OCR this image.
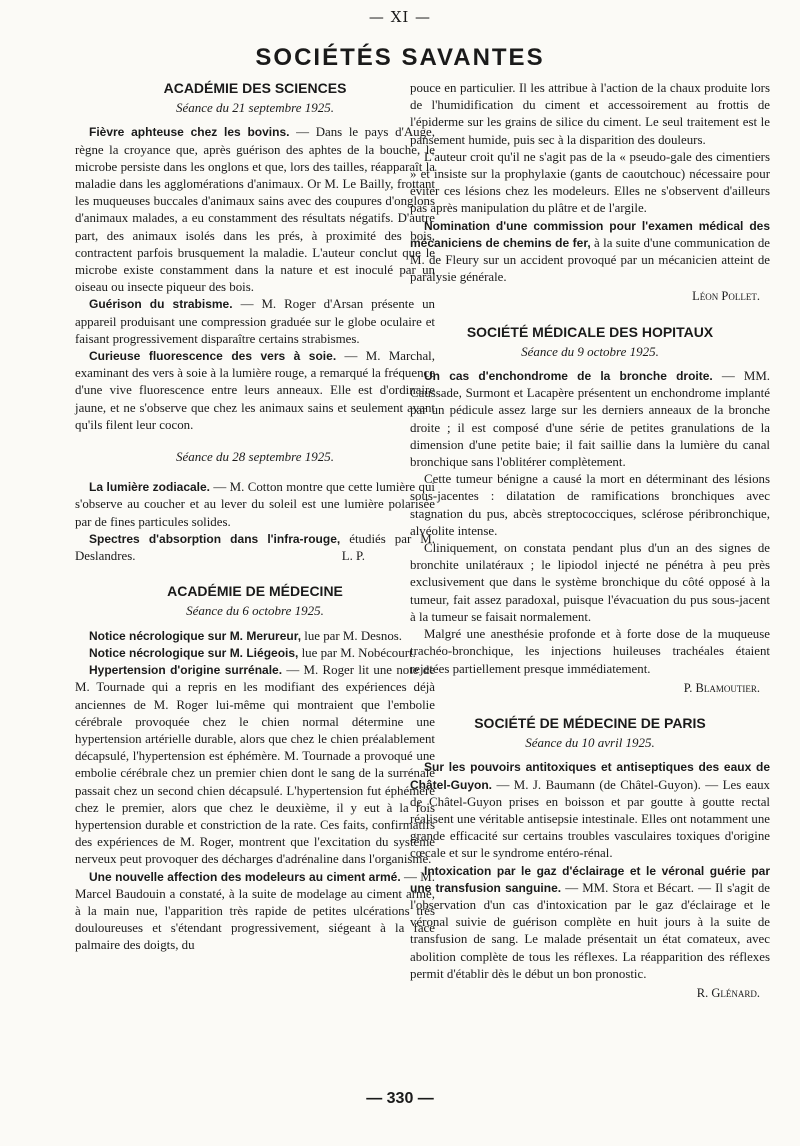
— XI —
SOCIÉTÉS SAVANTES
ACADÉMIE DES SCIENCES
Séance du 21 septembre 1925.

Fièvre aphteuse chez les bovins. — Dans le pays d'Auge, règne la croyance que, après guérison des aphtes de la bouche, le microbe persiste dans les onglons et que, lors des tailles, réapparaît la maladie dans les agglomérations d'animaux. Or M. Le Bailly, frottant les muqueuses buccales d'animaux sains avec des coupures d'onglons d'animaux malades, a eu constamment des résultats négatifs. D'autre part, des animaux isolés dans les prés, à proximité des bois, contractent parfois brusquement la maladie. L'auteur conclut que le microbe existe constamment dans la nature et est inoculé par un oiseau ou insecte piqueur des bois.

Guérison du strabisme. — M. Roger d'Arsan présente un appareil produisant une compression graduée sur le globe oculaire et faisant progressivement disparaître certains strabismes.

Curieuse fluorescence des vers à soie. — M. Marchal, examinant des vers à soie à la lumière rouge, a remarqué la fréquence d'une vive fluorescence entre leurs anneaux. Elle est d'ordinaire jaune, et ne s'observe que chez les animaux sains et seulement avant qu'ils filent leur cocon.

Séance du 28 septembre 1925.

La lumière zodiacale. — M. Cotton montre que cette lumière qui s'observe au coucher et au lever du soleil est une lumière polarisée par de fines particules solides.

Spectres d'absorption dans l'infra-rouge, étudiés par M. Deslandres.	L. P.

ACADÉMIE DE MÉDECINE
Séance du 6 octobre 1925.

Notice nécrologique sur M. Merureur, lue par M. Desnos.

Notice nécrologique sur M. Liégeois, lue par M. Nobécourt.

Hypertension d'origine surrénale. — M. Roger lit une note de M. Tournade qui a repris en les modifiant des expériences déjà anciennes de M. Roger lui-même qui montraient que l'embolie cérébrale provoquée chez le chien normal détermine une hypertension artérielle durable, alors que chez le chien préalablement décapsulé, l'hypertension est éphémère. M. Tournade a provoqué une embolie cérébrale chez un premier chien dont le sang de la surrénale passait chez un second chien décapsulé. L'hypertension fut éphémère chez le premier, alors que chez le deuxième, il y eut à la fois hypertension durable et constriction de la rate. Ces faits, confirmatifs des expériences de M. Roger, montrent que l'excitation du système nerveux peut provoquer des décharges d'adrénaline dans l'organisme.

Une nouvelle affection des modeleurs au ciment armé. — M. Marcel Baudouin a constaté, à la suite de modelage au ciment armé, à la main nue, l'apparition très rapide de petites ulcérations très douloureuses et s'étendant progressivement, siégeant à la face palmaire des doigts, du

pouce en particulier. Il les attribue à l'action de la chaux produite lors de l'humidification du ciment et accessoirement au frottis de l'épiderme sur les grains de silice du ciment. Le seul traitement est le pansement humide, puis sec à la disparition des douleurs.

L'auteur croit qu'il ne s'agit pas de la « pseudo-gale des cimentiers » et insiste sur la prophylaxie (gants de caoutchouc) nécessaire pour éviter ces lésions chez les modeleurs. Elles ne s'observent d'ailleurs pas après manipulation du plâtre et de l'argile.

Nomination d'une commission pour l'examen médical des mécaniciens de chemins de fer, à la suite d'une communication de M. de Fleury sur un accident provoqué par un mécanicien atteint de paralysie générale.

Léon Pollet.

SOCIÉTÉ MÉDICALE DES HOPITAUX
Séance du 9 octobre 1925.

Un cas d'enchondrome de la bronche droite. — MM. Caussade, Surmont et Lacapère présentent un enchondrome implanté par un pédicule assez large sur les derniers anneaux de la bronche droite ; il est composé d'une série de petites granulations de la dimension d'une petite baie; il fait saillie dans la lumière du canal bronchique sans l'oblitérer complètement.

Cette tumeur bénigne a causé la mort en déterminant des lésions sous-jacentes : dilatation de ramifications bronchiques avec stagnation du pus, abcès streptococciques, sclérose péribronchique, alvéolite intense.

Cliniquement, on constata pendant plus d'un an des signes de bronchite unilatéraux ; le lipiodol injecté ne pénétra à peu près exclusivement que dans le système bronchique du côté opposé à la tumeur, fait assez paradoxal, puisque l'évacuation du pus sous-jacent à la tumeur se faisait normalement.

Malgré une anesthésie profonde et à forte dose de la muqueuse trachéo-bronchique, les injections huileuses trachéales étaient rejetées partiellement presque immédiatement.

P. Blamoutier.

SOCIÉTÉ DE MÉDECINE DE PARIS
Séance du 10 avril 1925.

Sur les pouvoirs antitoxiques et antiseptiques des eaux de Châtel-Guyon. — M. J. Baumann (de Châtel-Guyon). — Les eaux de Châtel-Guyon prises en boisson et par goutte à goutte rectal réalisent une véritable antisepsie intestinale. Elles ont notamment une grande efficacité sur certains troubles vasculaires toxiques d'origine cœcale et sur le syndrome entéro-rénal.

Intoxication par le gaz d'éclairage et le véronal guérie par une transfusion sanguine. — MM. Stora et Bécart. — Il s'agit de l'observation d'un cas d'intoxication par le gaz d'éclairage et le véronal suivie de guérison complète en huit jours à la suite de transfusion de sang. Le malade présentait un état comateux, avec abolition complète de tous les réflexes. La réapparition des réflexes permit d'établir dès le début un bon pronostic.

R. Glénard.

— 330 —
